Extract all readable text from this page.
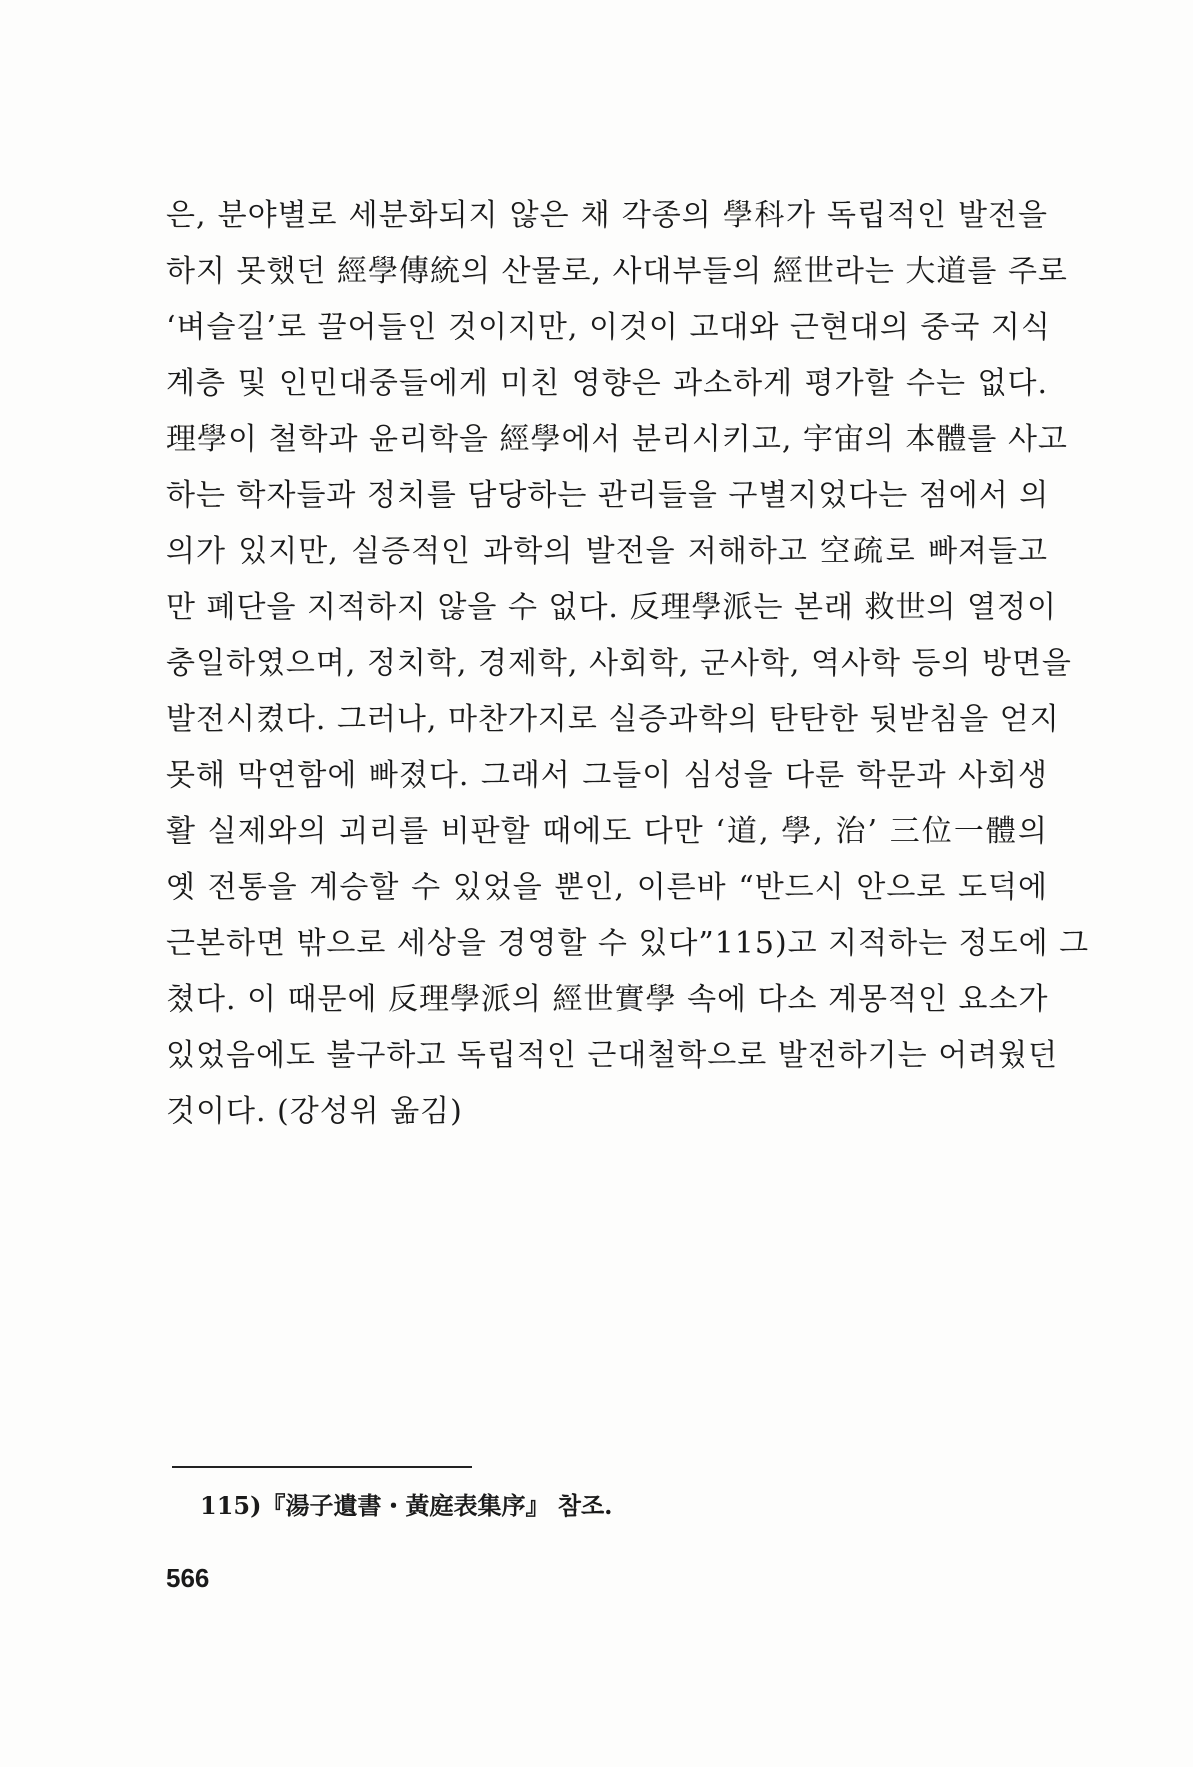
은, 분야별로 세분화되지 않은 채 각종의 學科가 독립적인 발전을
하지 못했던 經學傳統의 산물로, 사대부들의 經世라는 大道를 주로
‘벼슬길’로 끌어들인 것이지만, 이것이 고대와 근현대의 중국 지식
계층 및 인민대중들에게 미친 영향은 과소하게 평가할 수는 없다.
理學이 철학과 윤리학을 經學에서 분리시키고, 宇宙의 本體를 사고
하는 학자들과 정치를 담당하는 관리들을 구별지었다는 점에서 의
의가 있지만, 실증적인 과학의 발전을 저해하고 空疏로 빠져들고
만 폐단을 지적하지 않을 수 없다. 反理學派는 본래 救世의 열정이
충일하였으며, 정치학, 경제학, 사회학, 군사학, 역사학 등의 방면을
발전시켰다. 그러나, 마찬가지로 실증과학의 탄탄한 뒷받침을 얻지
못해 막연함에 빠졌다. 그래서 그들이 심성을 다룬 학문과 사회생
활 실제와의 괴리를 비판할 때에도 다만 ‘道, 學, 治’ 三位一體의
옛 전통을 계승할 수 있었을 뿐인, 이른바 “반드시 안으로 도덕에
근본하면 밖으로 세상을 경영할 수 있다”115)고 지적하는 정도에 그
쳤다. 이 때문에 反理學派의 經世實學 속에 다소 계몽적인 요소가
있었음에도 불구하고 독립적인 근대철학으로 발전하기는 어려웠던
것이다. (강성위 옮김)
115)『湯子遺書・黃庭表集序』 참조.
566
